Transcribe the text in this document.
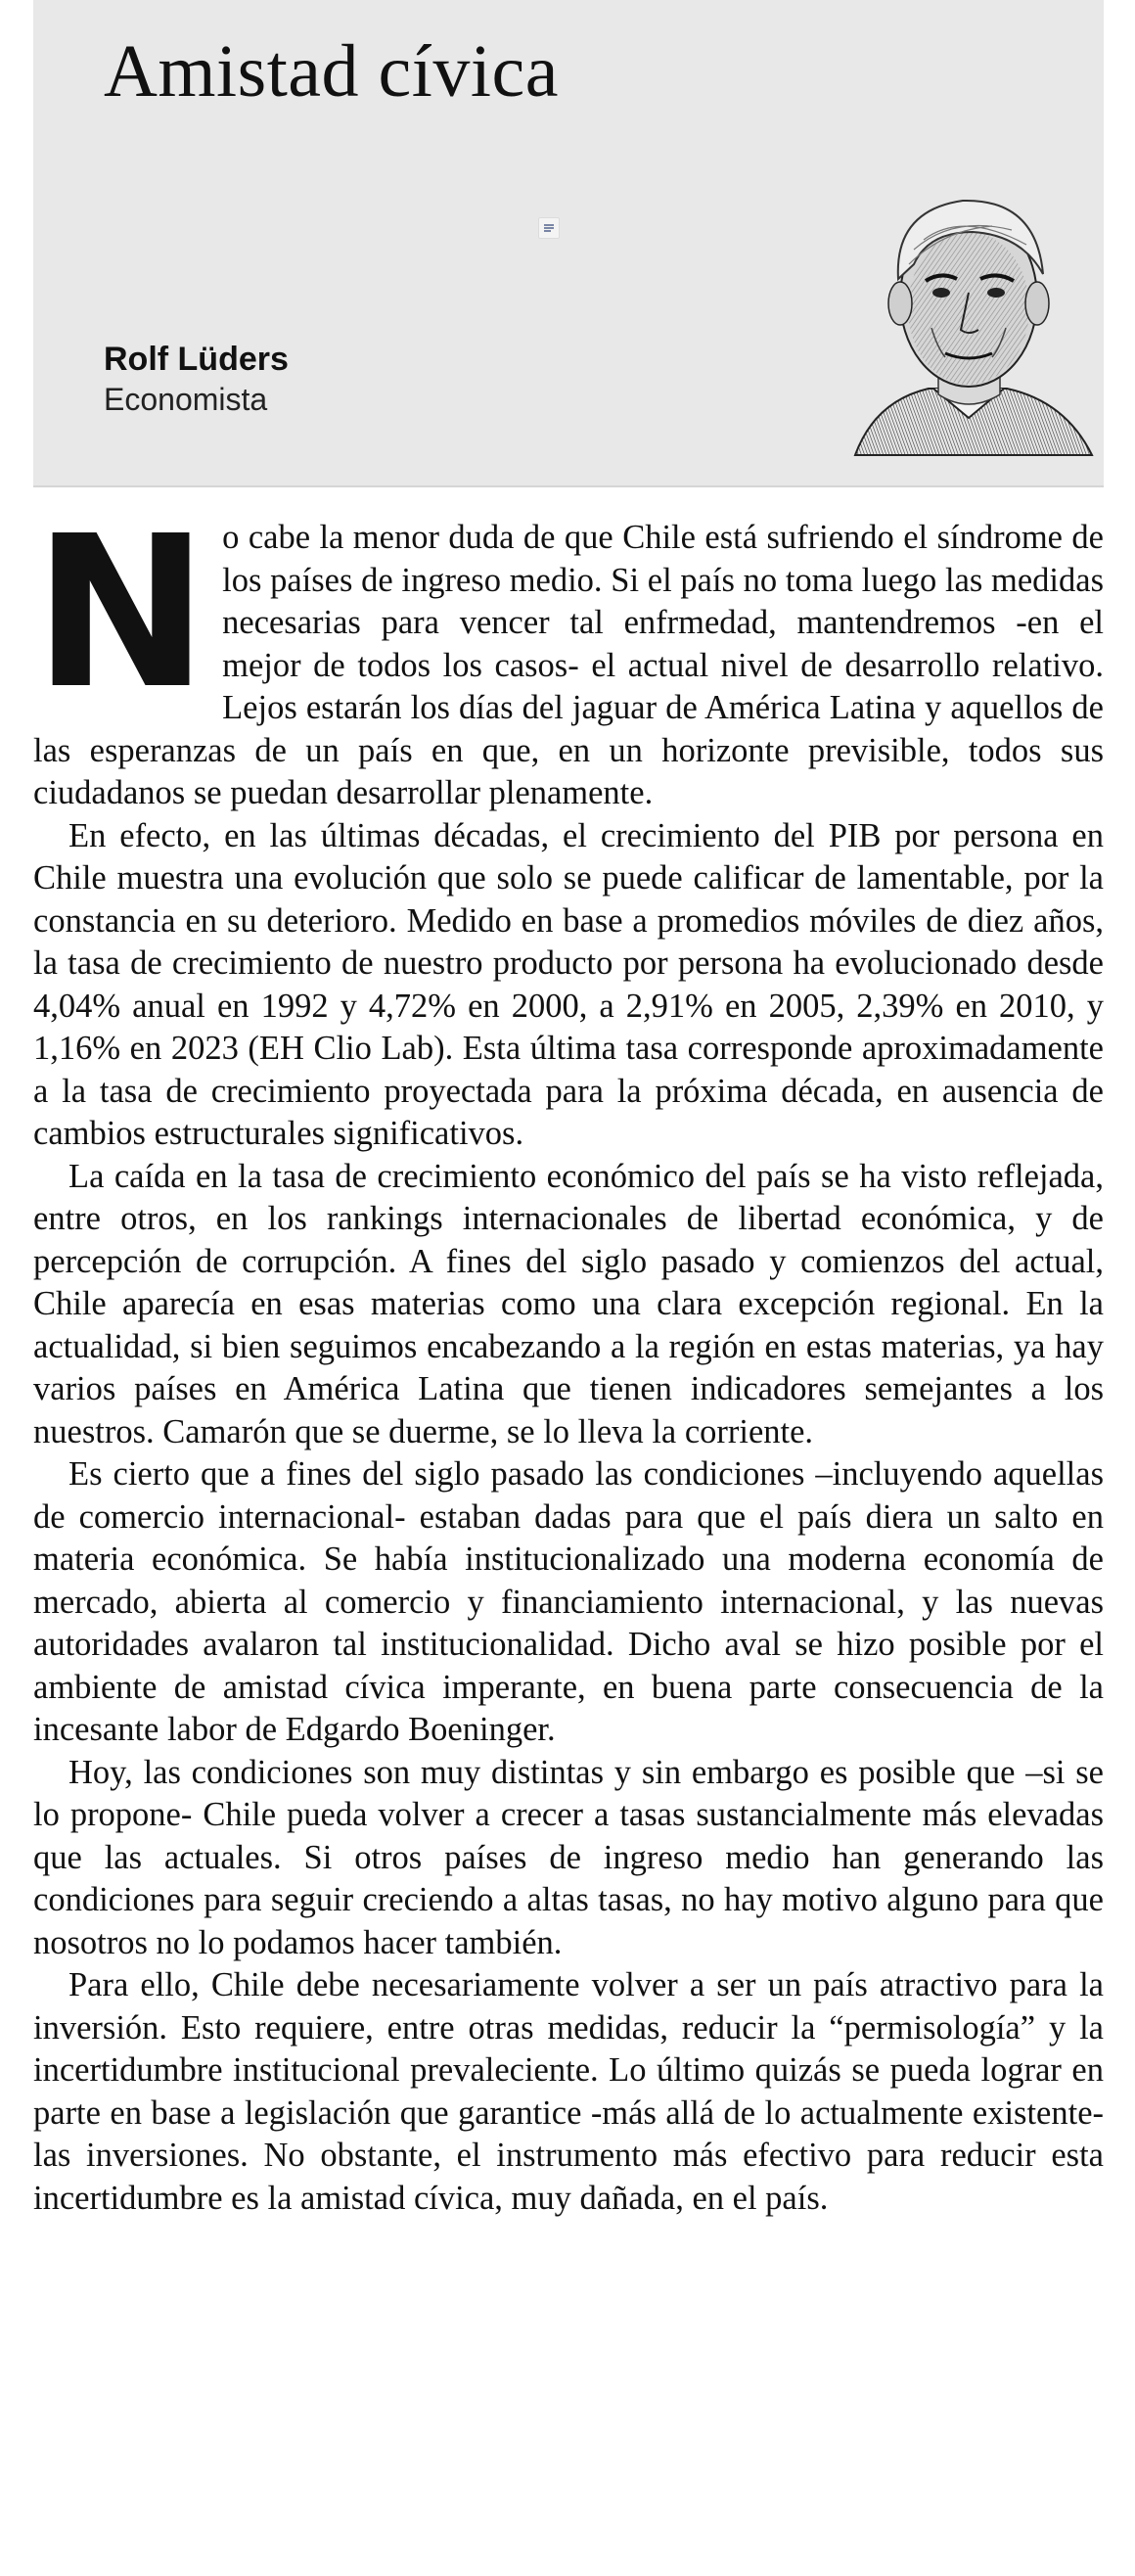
Amistad cívica
Rolf Lüders
Economista

No cabe la menor duda de que Chile está sufriendo el síndrome de los países de ingreso medio. Si el país no toma luego las medidas necesarias para vencer tal enfrmedad, mantendremos -en el mejor de todos los casos- el actual nivel de desarrollo relativo. Lejos estarán los días del jaguar de América Latina y aquellos de las esperanzas de un país en que, en un horizonte previsible, todos sus ciudadanos se puedan desarrollar plenamente.

En efecto, en las últimas décadas, el crecimiento del PIB por persona en Chile muestra una evolución que solo se puede calificar de lamentable, por la constancia en su deterioro. Medido en base a promedios móviles de diez años, la tasa de crecimiento de nuestro producto por persona ha evolucionado desde 4,04% anual en 1992 y 4,72% en 2000, a 2,91% en 2005, 2,39% en 2010, y 1,16% en 2023 (EH Clio Lab). Esta última tasa corresponde aproximadamente a la tasa de crecimiento proyectada para la próxima década, en ausencia de cambios estructurales significativos.

La caída en la tasa de crecimiento económico del país se ha visto reflejada, entre otros, en los rankings internacionales de libertad económica, y de percepción de corrupción. A fines del siglo pasado y comienzos del actual, Chile aparecía en esas materias como una clara excepción regional. En la actualidad, si bien seguimos encabezando a la región en estas materias, ya hay varios países en América Latina que tienen indicadores semejantes a los nuestros. Camarón que se duerme, se lo lleva la corriente.

Es cierto que a fines del siglo pasado las condiciones –incluyendo aquellas de comercio internacional- estaban dadas para que el país diera un salto en materia económica. Se había institucionalizado una moderna economía de mercado, abierta al comercio y financiamiento internacional, y las nuevas autoridades avalaron tal institucionalidad. Dicho aval se hizo posible por el ambiente de amistad cívica imperante, en buena parte consecuencia de la incesante labor de Edgardo Boeninger.

Hoy, las condiciones son muy distintas y sin embargo es posible que –si se lo propone- Chile pueda volver a crecer a tasas sustancialmente más elevadas que las actuales. Si otros países de ingreso medio han generando las condiciones para seguir creciendo a altas tasas, no hay motivo alguno para que nosotros no lo podamos hacer también.

Para ello, Chile debe necesariamente volver a ser un país atractivo para la inversión. Esto requiere, entre otras medidas, reducir la “permisología” y la incertidumbre institucional prevaleciente. Lo último quizás se pueda lograr en parte en base a legislación que garantice -más allá de lo actualmente existente- las inversiones. No obstante, el instrumento más efectivo para reducir esta incertidumbre es la amistad cívica, muy dañada, en el país.
